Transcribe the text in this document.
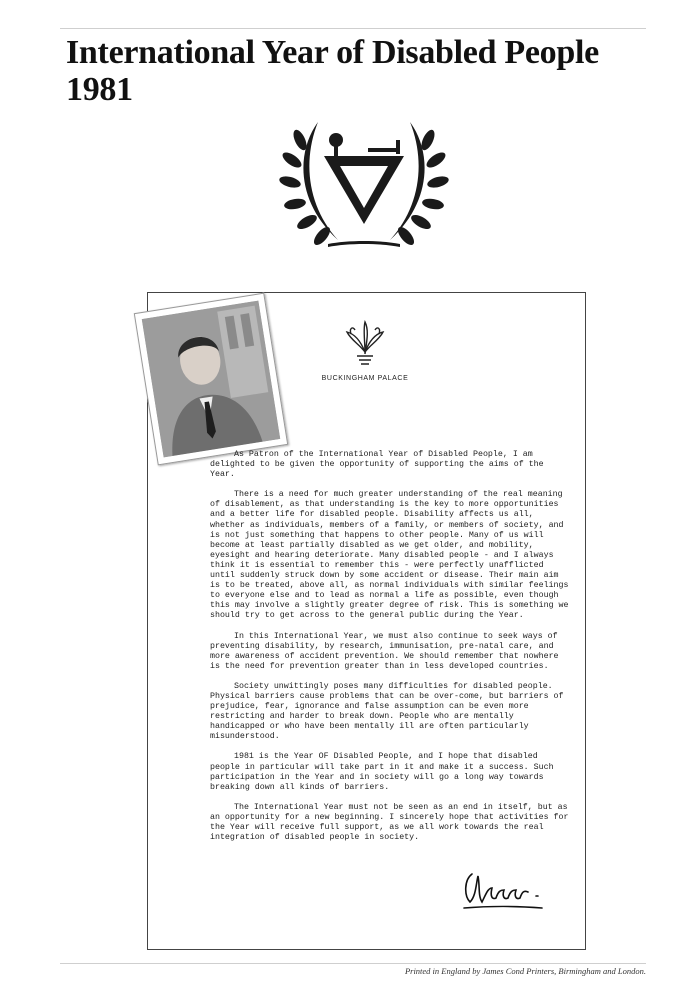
International Year of Disabled People
1981
BUCKINGHAM PALACE

As Patron of the International Year of Disabled People, I am delighted to be given the opportunity of supporting the aims of the Year.

There is a need for much greater understanding of the real meaning of disablement, as that understanding is the key to more opportunities and a better life for disabled people. Disability affects us all, whether as individuals, members of a family, or members of society, and is not just something that happens to other people. Many of us will become at least partially disabled as we get older, and mobility, eyesight and hearing deteriorate. Many disabled people - and I always think it is essential to remember this - were perfectly unafflicted until suddenly struck down by some accident or disease. Their main aim is to be treated, above all, as normal individuals with similar feelings to everyone else and to lead as normal a life as possible, even though this may involve a slightly greater degree of risk. This is something we should try to get across to the general public during the Year.

In this International Year, we must also continue to seek ways of preventing disability, by research, immunisation, pre-natal care, and more awareness of accident prevention. We should remember that nowhere is the need for prevention greater than in less developed countries.

Society unwittingly poses many difficulties for disabled people. Physical barriers cause problems that can be over-come, but barriers of prejudice, fear, ignorance and false assumption can be even more restricting and harder to break down. People who are mentally handicapped or who have been mentally ill are often particularly misunderstood.

1981 is the Year OF Disabled People, and I hope that disabled people in particular will take part in it and make it a success. Such participation in the Year and in society will go a long way towards breaking down all kinds of barriers.

The International Year must not be seen as an end in itself, but as an opportunity for a new beginning. I sincerely hope that activities for the Year will receive full support, as we all work towards the real integration of disabled people in society.

Printed in England by James Cond Printers, Birmingham and London.
